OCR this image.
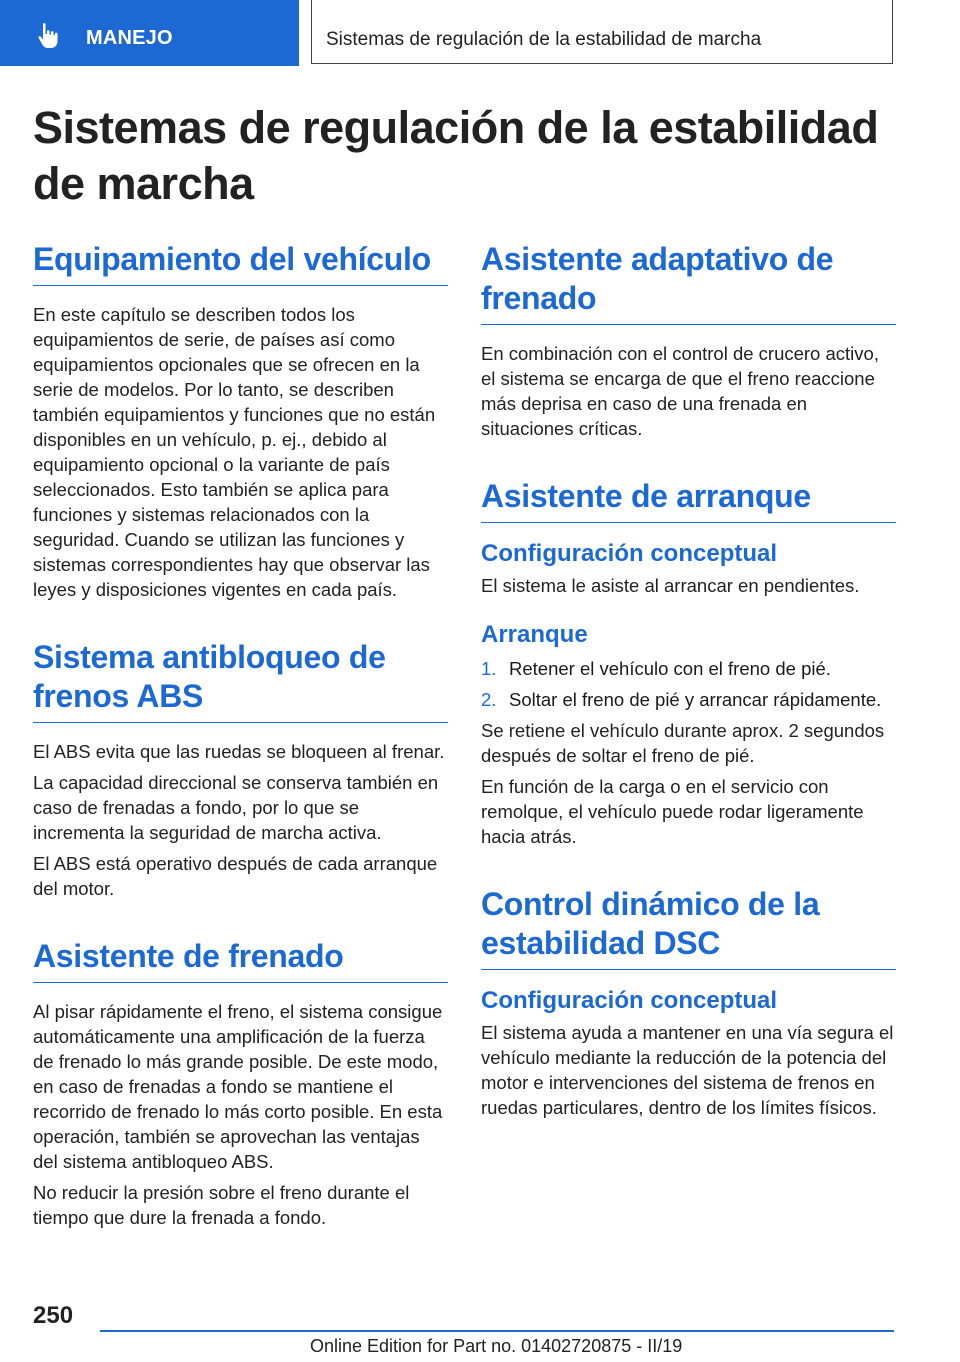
MANEJO	Sistemas de regulación de la estabilidad de marcha
Sistemas de regulación de la estabilidad de marcha
Equipamiento del vehículo

En este capítulo se describen todos los equipamientos de serie, de países así como equipamientos opcionales que se ofrecen en la serie de modelos. Por lo tanto, se describen también equipamientos y funciones que no están disponibles en un vehículo, p. ej., debido al equipamiento opcional o la variante de país seleccionados. Esto también se aplica para funciones y sistemas relacionados con la seguridad. Cuando se utilizan las funciones y sistemas correspondientes hay que observar las leyes y disposiciones vigentes en cada país.

Sistema antibloqueo de frenos ABS

El ABS evita que las ruedas se bloqueen al frenar.

La capacidad direccional se conserva también en caso de frenadas a fondo, por lo que se incrementa la seguridad de marcha activa.

El ABS está operativo después de cada arranque del motor.

Asistente de frenado

Al pisar rápidamente el freno, el sistema consigue automáticamente una amplificación de la fuerza de frenado lo más grande posible. De este modo, en caso de frenadas a fondo se mantiene el recorrido de frenado lo más corto posible. En esta operación, también se aprovechan las ventajas del sistema antibloqueo ABS.

No reducir la presión sobre el freno durante el tiempo que dure la frenada a fondo.

Asistente adaptativo de frenado

En combinación con el control de crucero activo, el sistema se encarga de que el freno reaccione más deprisa en caso de una frenada en situaciones críticas.

Asistente de arranque
Configuración conceptual

El sistema le asiste al arrancar en pendientes.

Arranque
1. Retener el vehículo con el freno de pié.
2. Soltar el freno de pié y arrancar rápidamente.

Se retiene el vehículo durante aprox. 2 segundos después de soltar el freno de pié.

En función de la carga o en el servicio con remolque, el vehículo puede rodar ligeramente hacia atrás.

Control dinámico de la estabilidad DSC
Configuración conceptual

El sistema ayuda a mantener en una vía segura el vehículo mediante la reducción de la potencia del motor e intervenciones del sistema de frenos en ruedas particulares, dentro de los límites físicos.

250
Online Edition for Part no. 01402720875 - II/19
